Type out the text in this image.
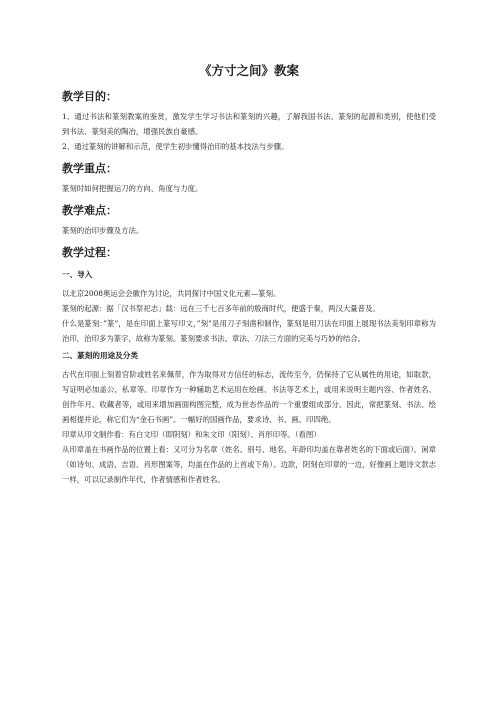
《方寸之间》教案
教学目的：
1、通过书法和篆刻教案的鉴赏，激发学生学习书法和篆刻的兴趣，了解我国书法、篆刻的起源和类别，使他们受到书法、篆刻美的陶冶，增强民族自豪感。
2、通过篆刻的讲解和示范，使学生初步懂得治印的基本技法与步骤。
教学重点：
篆刻时如何把握运刀的方向、角度与力度。
教学难点：
篆刻的治印步骤及方法。
教学过程：
一、导入
以北京2008奥运会会徽作为讨论，共同探讨中国文化元素—篆刻。
篆刻的起源：据「汉书祭祀志」载：远在三千七百多年前的殷商时代，便盛于秦，两汉大量普及。
什么是篆刻：”篆”，是在印面上篆写印文，”刻”是用刀子刻凿和制作，篆刻是用刀法在印面上展现书法美刻印章称为治印，治印多为篆字，故称为篆刻。篆刻要求书法、章法、刀法三方面的完美与巧妙的结合。
二、篆刻的用途及分类
古代在印面上刻着官阶或姓名来佩带，作为取得对方信任的标志，流传至今，仍保持了它从属性的用途，如取款，写证明必加盖公、私章等。印章作为一种辅助艺术运用在绘画、书法等艺术上，或用来说明主题内容、作者姓名、创作年月、收藏者等，或用来增加画面构图完整，成为世态作品的一个重要组成部分。因此，常把篆刻、书法、绘画相提并论，称它们为“金石书画”。一幅好的国画作品，要求诗、书、画、印四绝。
印章从印文制作看：有白文印（即阴刻）和朱文印（阳刻）、肖形印等。（看图）
从印章盖在书画作品的位置上看：又可分为名章（姓名、别号、地名、年龄印均盖在靠者姓名的下面或后面）、闲章（如诗句、成语、吉语、肖形图案等，均盖在作品的上首或下角）。边款，阴刻在印章的一边，好像画上题诗文款志一样，可以记录制作年代，作者情感和作者姓名。
